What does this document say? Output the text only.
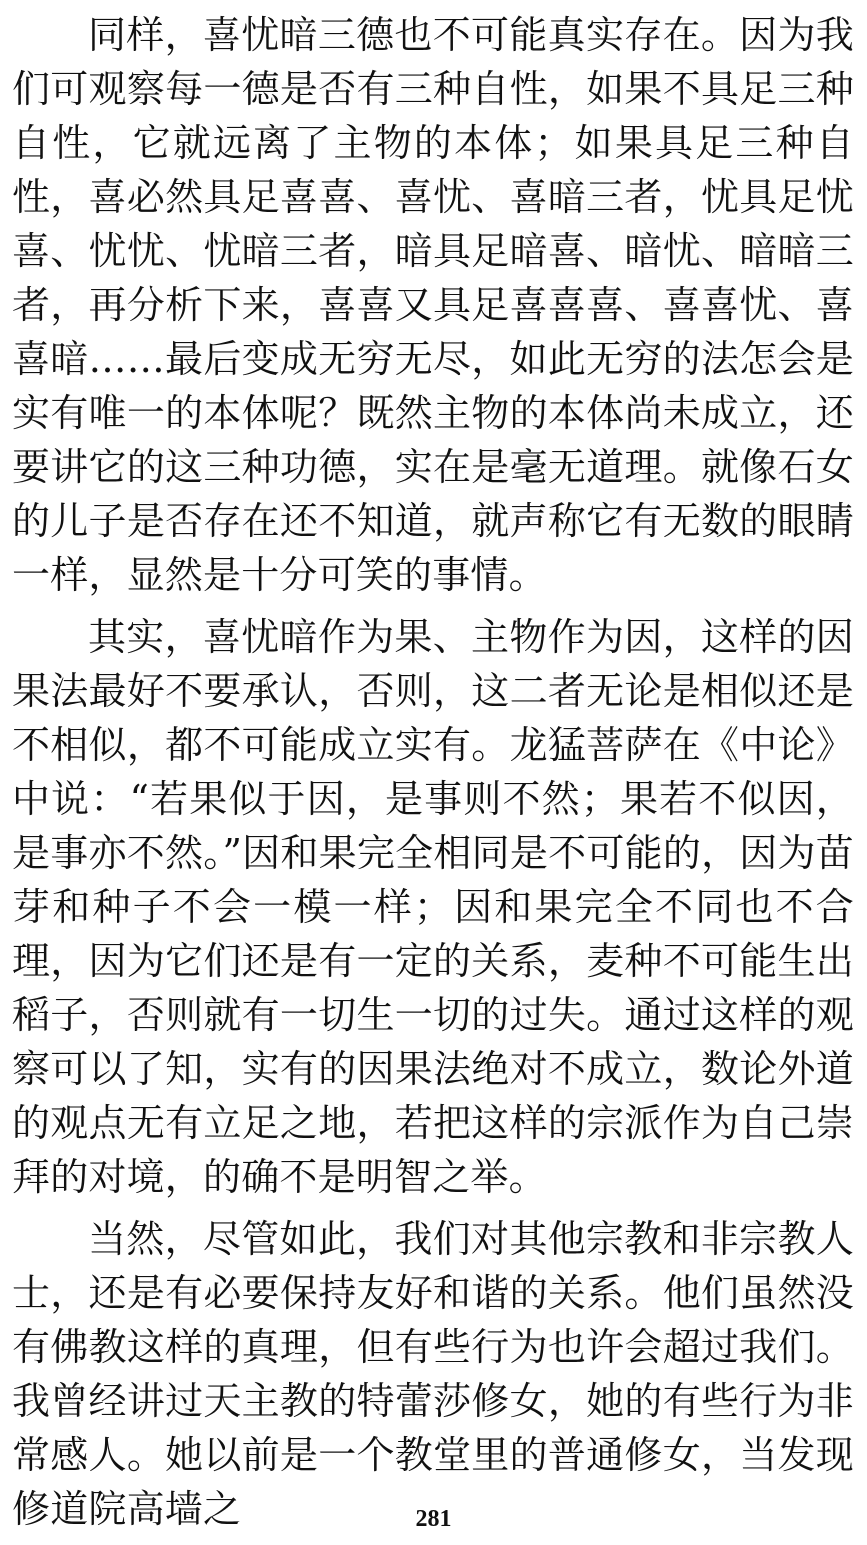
同样，喜忧暗三德也不可能真实存在。因为我们可观察每一德是否有三种自性，如果不具足三种自性，它就远离了主物的本体；如果具足三种自性，喜必然具足喜喜、喜忧、喜暗三者，忧具足忧喜、忧忧、忧暗三者，暗具足暗喜、暗忧、暗暗三者，再分析下来，喜喜又具足喜喜喜、喜喜忧、喜喜暗……最后变成无穷无尽，如此无穷的法怎会是实有唯一的本体呢？既然主物的本体尚未成立，还要讲它的这三种功德，实在是毫无道理。就像石女的儿子是否存在还不知道，就声称它有无数的眼睛一样，显然是十分可笑的事情。

其实，喜忧暗作为果、主物作为因，这样的因果法最好不要承认，否则，这二者无论是相似还是不相似，都不可能成立实有。龙猛菩萨在《中论》中说：“若果似于因，是事则不然；果若不似因，是事亦不然。”因和果完全相同是不可能的，因为苗芽和种子不会一模一样；因和果完全不同也不合理，因为它们还是有一定的关系，麦种不可能生出稻子，否则就有一切生一切的过失。通过这样的观察可以了知，实有的因果法绝对不成立，数论外道的观点无有立足之地，若把这样的宗派作为自己崇拜的对境，的确不是明智之举。

当然，尽管如此，我们对其他宗教和非宗教人士，还是有必要保持友好和谐的关系。他们虽然没有佛教这样的真理，但有些行为也许会超过我们。我曾经讲过天主教的特蕾莎修女，她的有些行为非常感人。她以前是一个教堂里的普通修女，当发现修道院高墙之	281
